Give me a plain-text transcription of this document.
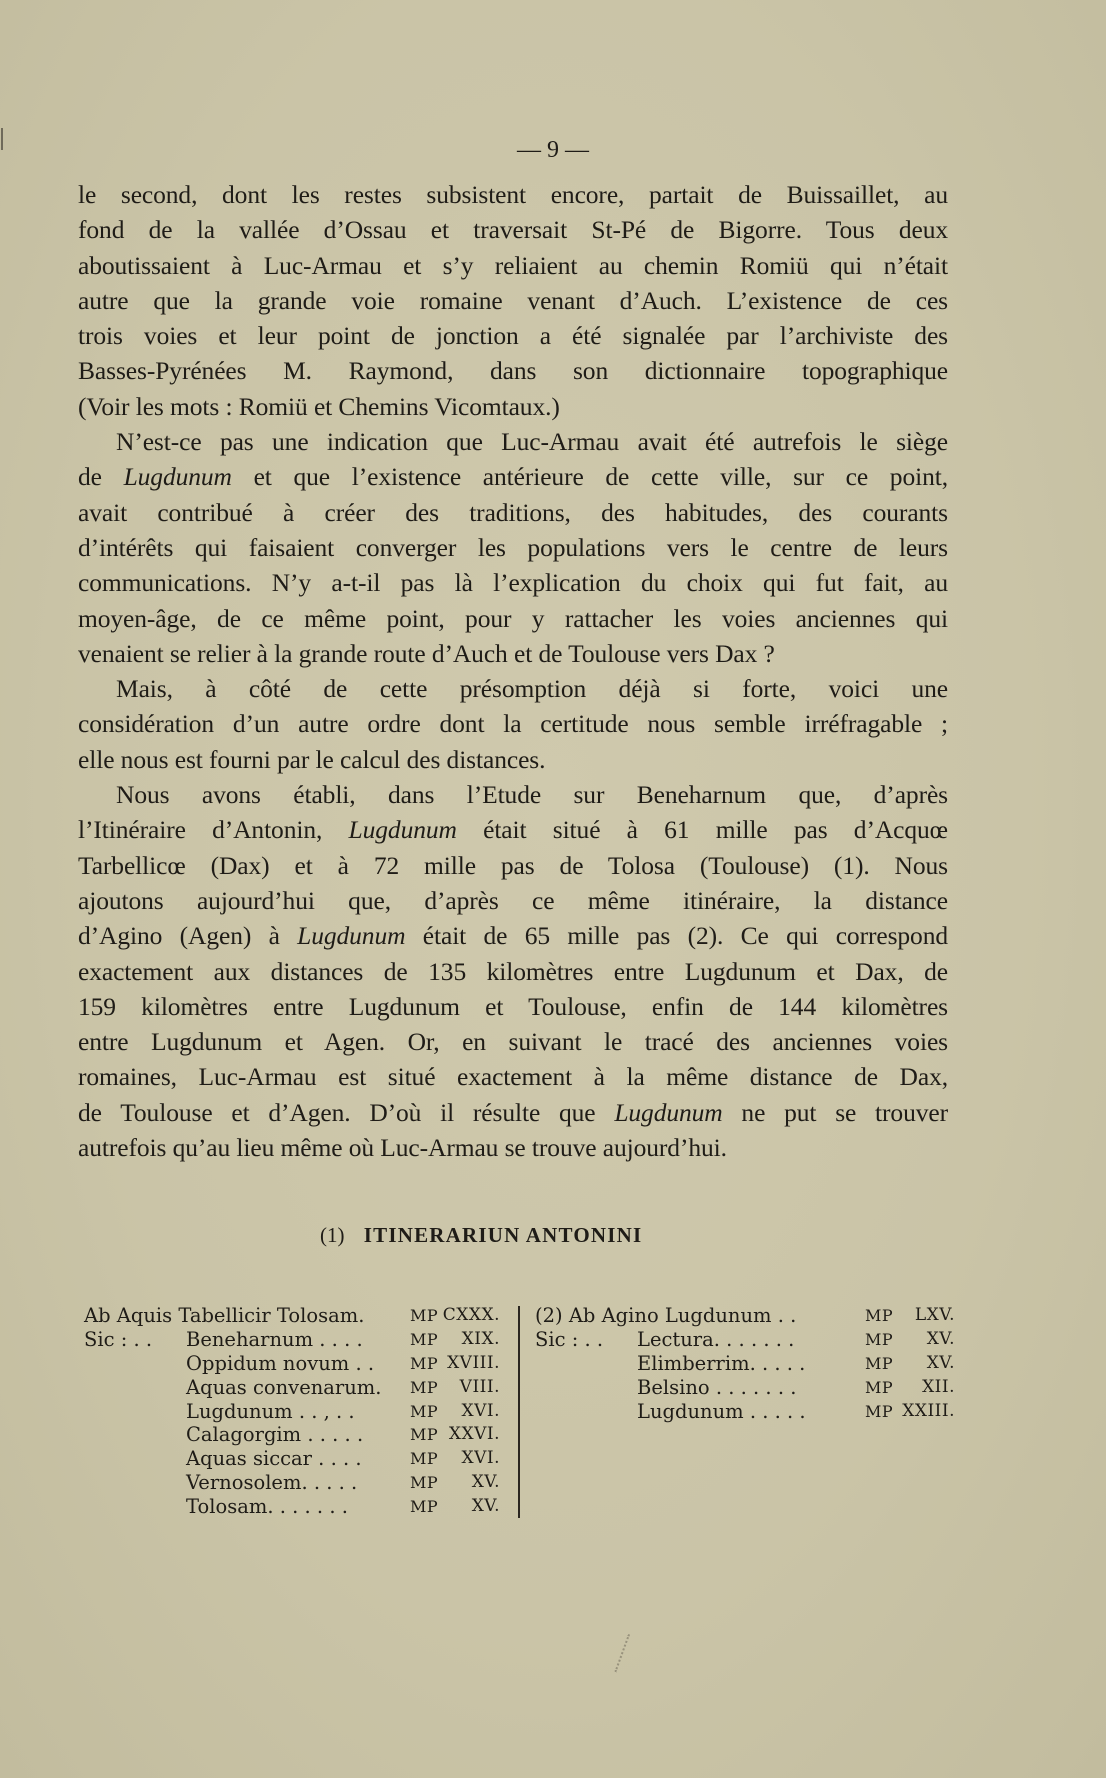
— 9 —
le second, dont les restes subsistent encore, partait de Buissaillet, au
fond de la vallée d’Ossau et traversait St-Pé de Bigorre. Tous deux
aboutissaient à Luc-Armau et s’y reliaient au chemin Romiü qui n’était
autre que la grande voie romaine venant d’Auch. L’existence de ces
trois voies et leur point de jonction a été signalée par l’archiviste des
Basses-Pyrénées M. Raymond, dans son dictionnaire topographique
(Voir les mots : Romiü et Chemins Vicomtaux.)
N’est-ce pas une indication que Luc-Armau avait été autrefois le siège
de Lugdunum et que l’existence antérieure de cette ville, sur ce point,
avait contribué à créer des traditions, des habitudes, des courants
d’intérêts qui faisaient converger les populations vers le centre de leurs
communications. N’y a-t-il pas là l’explication du choix qui fut fait, au
moyen-âge, de ce même point, pour y rattacher les voies anciennes qui
venaient se relier à la grande route d’Auch et de Toulouse vers Dax ?
Mais, à côté de cette présomption déjà si forte, voici une
considération d’un autre ordre dont la certitude nous semble irréfragable ;
elle nous est fourni par le calcul des distances.
Nous avons établi, dans l’Etude sur Beneharnum que, d’après
l’Itinéraire d’Antonin, Lugdunum était situé à 61 mille pas d’Acquœ
Tarbellicœ (Dax) et à 72 mille pas de Tolosa (Toulouse) (1). Nous
ajoutons aujourd’hui que, d’après ce même itinéraire, la distance
d’Agino (Agen) à Lugdunum était de 65 mille pas (2). Ce qui correspond
exactement aux distances de 135 kilomètres entre Lugdunum et Dax, de
159 kilomètres entre Lugdunum et Toulouse, enfin de 144 kilomètres
entre Lugdunum et Agen. Or, en suivant le tracé des anciennes voies
romaines, Luc-Armau est situé exactement à la même distance de Dax,
de Toulouse et d’Agen. D’où il résulte que Lugdunum ne put se trouver
autrefois qu’au lieu même où Luc-Armau se trouve aujourd’hui.
(1) ITINERARIUN ANTONINI
Ab Aquis Tabellicir Tolosam.	MP CXXX.
Sic : . . Beneharnum . . . .	MP	XIX.
Oppidum novum . . MP XVIII.
Aquas convenarum. MP	VIII.
Lugdunum . . , . .	MP	XVI.
Calagorgim . . . . .	MP XXVI.
Aquas siccar . . . .	MP	XVI.
Vernosolem. . . . .	MP	XV.
Tolosam. . . . . . .	MP	XV.
(2) Ab Agino Lugdunum . .	MP	LXV.
Sic : . . Lectura. . . . . . .	MP	XV.
Elimberrim. . . . .	MP	XV.
Belsino . . . . . . .	MP	XII.
Lugdunum . . . . .	MP XXIII.
